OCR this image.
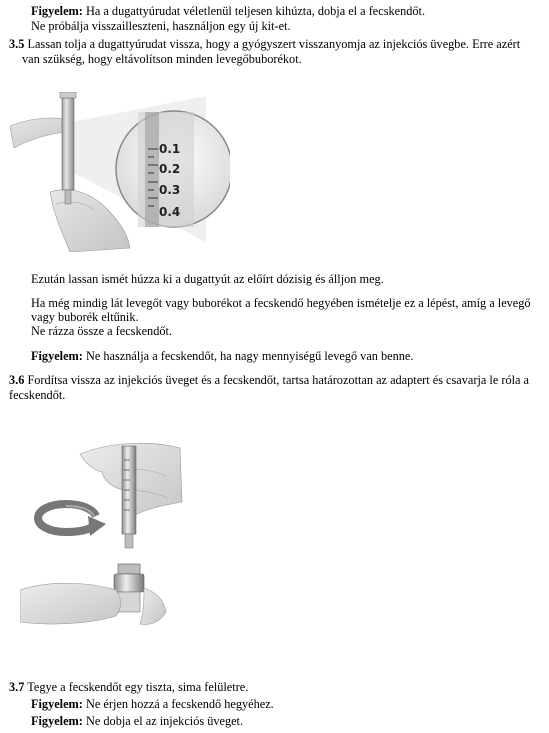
Figyelem: Ha a dugattyúrudat véletlenül teljesen kihúzta, dobja el a fecskendőt.

Ne próbálja visszailleszteni, használjon egy új kit-et.

3.5 Lassan tolja a dugattyúrudat vissza, hogy a gyógyszert visszanyomja az injekciós üvegbe. Erre azért

van szükség, hogy eltávolítson minden levegőbuborékot.

0.1
0.2
0.3
0.4

Ezután lassan ismét húzza ki a dugattyút az előírt dózisig és álljon meg.

Ha még mindig lát levegőt vagy buborékot a fecskendő hegyében ismételje ez a lépést, amíg a levegő

vagy buborék eltűnik.

Ne rázza össze a fecskendőt.

Figyelem: Ne használja a fecskendőt, ha nagy mennyiségű levegő van benne.

3.6 Fordítsa vissza az injekciós üveget és a fecskendőt, tartsa határozottan az adaptert és csavarja le róla a

fecskendőt.

3.7 Tegye a fecskendőt egy tiszta, sima felületre.

Figyelem: Ne érjen hozzá a fecskendő hegyéhez.

Figyelem: Ne dobja el az injekciós üveget.
